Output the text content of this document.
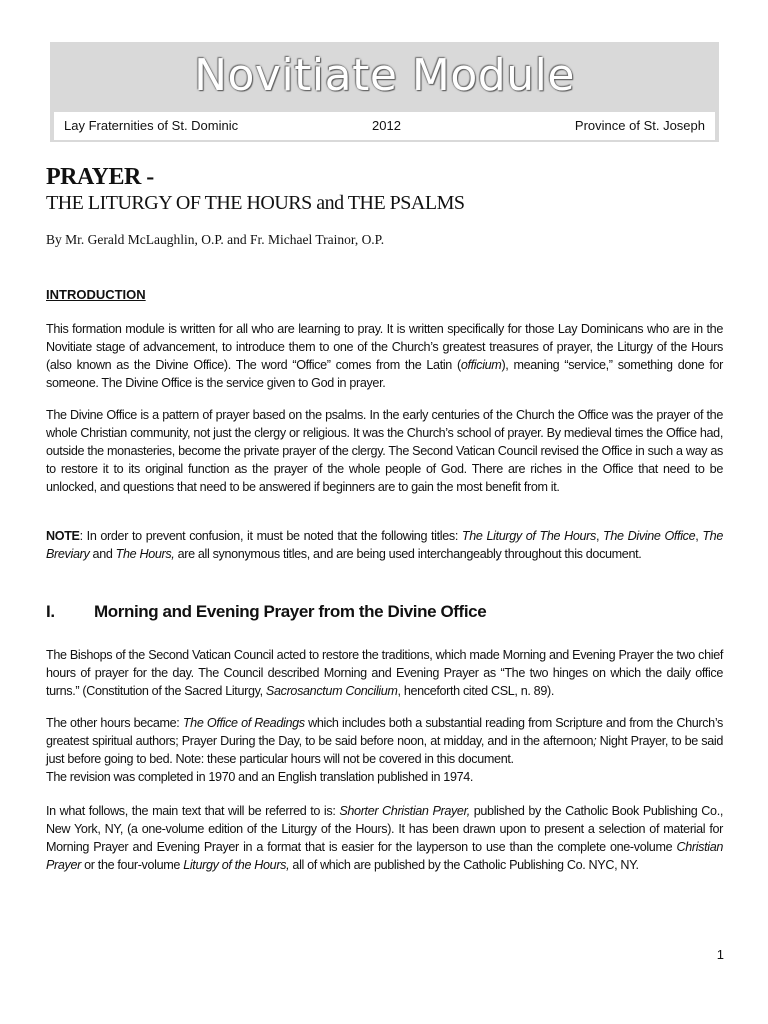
Novitiate Module
Lay Fraternities of St. Dominic	2012	Province of St. Joseph
PRAYER -
THE LITURGY OF THE HOURS and THE PSALMS
By Mr. Gerald McLaughlin, O.P. and Fr. Michael Trainor, O.P.
INTRODUCTION
This formation module is written for all who are learning to pray. It is written specifically for those Lay Dominicans who are in the Novitiate stage of advancement, to introduce them to one of the Church’s greatest treasures of prayer, the Liturgy of the Hours (also known as the Divine Office). The word “Office” comes from the Latin (officium), meaning “service,” something done for someone. The Divine Office is the service given to God in prayer.
The Divine Office is a pattern of prayer based on the psalms. In the early centuries of the Church the Office was the prayer of the whole Christian community, not just the clergy or religious. It was the Church’s school of prayer. By medieval times the Office had, outside the monasteries, become the private prayer of the clergy. The Second Vatican Council revised the Office in such a way as to restore it to its original function as the prayer of the whole people of God. There are riches in the Office that need to be unlocked, and questions that need to be answered if beginners are to gain the most benefit from it.
NOTE: In order to prevent confusion, it must be noted that the following titles: The Liturgy of The Hours, The Divine Office, The Breviary and The Hours, are all synonymous titles, and are being used interchangeably throughout this document.
I. Morning and Evening Prayer from the Divine Office
The Bishops of the Second Vatican Council acted to restore the traditions, which made Morning and Evening Prayer the two chief hours of prayer for the day. The Council described Morning and Evening Prayer as “The two hinges on which the daily office turns.” (Constitution of the Sacred Liturgy, Sacrosanctum Concilium, henceforth cited CSL, n. 89).
The other hours became: The Office of Readings which includes both a substantial reading from Scripture and from the Church’s greatest spiritual authors; Prayer During the Day, to be said before noon, at midday, and in the afternoon; Night Prayer, to be said just before going to bed. Note: these particular hours will not be covered in this document.
The revision was completed in 1970 and an English translation published in 1974.
In what follows, the main text that will be referred to is: Shorter Christian Prayer, published by the Catholic Book Publishing Co., New York, NY, (a one-volume edition of the Liturgy of the Hours). It has been drawn upon to present a selection of material for Morning Prayer and Evening Prayer in a format that is easier for the layperson to use than the complete one-volume Christian Prayer or the four-volume Liturgy of the Hours, all of which are published by the Catholic Publishing Co. NYC, NY.
1
